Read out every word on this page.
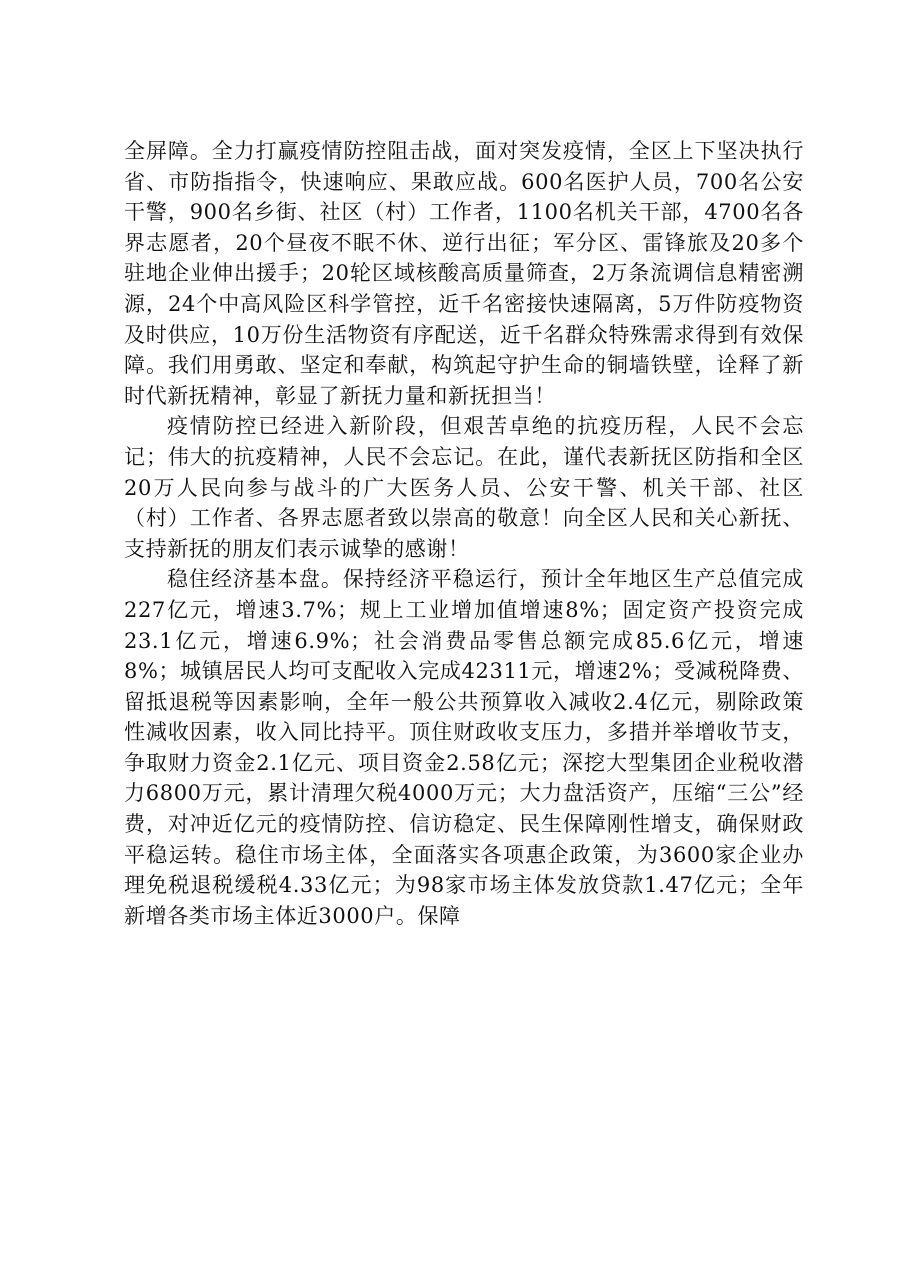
全屏障。全力打赢疫情防控阻击战，面对突发疫情，全区上下坚决执行省、市防指指令，快速响应、果敢应战。600名医护人员，700名公安干警，900名乡街、社区（村）工作者，1100名机关干部，4700名各界志愿者，20个昼夜不眠不休、逆行出征；军分区、雷锋旅及20多个驻地企业伸出援手；20轮区域核酸高质量筛查，2万条流调信息精密溯源，24个中高风险区科学管控，近千名密接快速隔离，5万件防疫物资及时供应，10万份生活物资有序配送，近千名群众特殊需求得到有效保障。我们用勇敢、坚定和奉献，构筑起守护生命的铜墙铁壁，诠释了新时代新抚精神，彰显了新抚力量和新抚担当！

疫情防控已经进入新阶段，但艰苦卓绝的抗疫历程，人民不会忘记；伟大的抗疫精神，人民不会忘记。在此，谨代表新抚区防指和全区20万人民向参与战斗的广大医务人员、公安干警、机关干部、社区（村）工作者、各界志愿者致以崇高的敬意！向全区人民和关心新抚、支持新抚的朋友们表示诚挚的感谢！

稳住经济基本盘。保持经济平稳运行，预计全年地区生产总值完成227亿元，增速3.7%；规上工业增加值增速8%；固定资产投资完成23.1亿元，增速6.9%；社会消费品零售总额完成85.6亿元，增速8%；城镇居民人均可支配收入完成42311元，增速2%；受减税降费、留抵退税等因素影响，全年一般公共预算收入减收2.4亿元，剔除政策性减收因素，收入同比持平。顶住财政收支压力，多措并举增收节支，争取财力资金2.1亿元、项目资金2.58亿元；深挖大型集团企业税收潜力6800万元，累计清理欠税4000万元；大力盘活资产，压缩“三公”经费，对冲近亿元的疫情防控、信访稳定、民生保障刚性增支，确保财政平稳运转。稳住市场主体，全面落实各项惠企政策，为3600家企业办理免税退税缓税4.33亿元；为98家市场主体发放贷款1.47亿元；全年新增各类市场主体近3000户。保障
